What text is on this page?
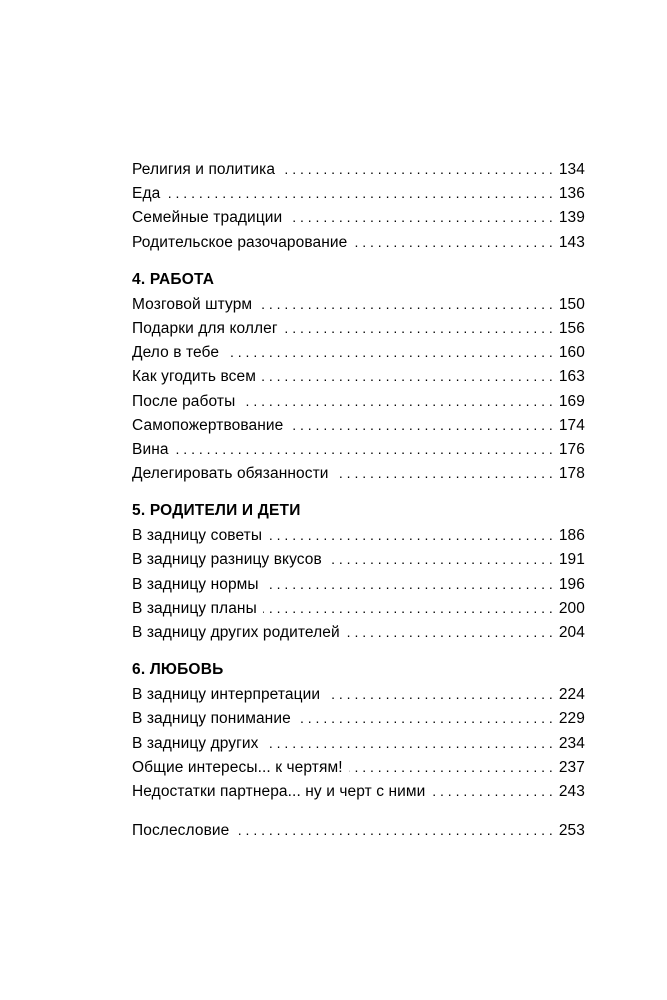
Религия и политика . . .	134
Еда . . .	136
Семейные традиции . . .	139
Родительское разочарование . . .	143
4. РАБОТА
Мозговой штурм . . .	150
Подарки для коллег . . .	156
Дело в тебе . . .	160
Как угодить всем . . .	163
После работы . . .	169
Самопожертвование . . .	174
Вина . . .	176
Делегировать обязанности . . .	178
5. РОДИТЕЛИ И ДЕТИ
В задницу советы . . .	186
В задницу разницу вкусов . . .	191
В задницу нормы . . .	196
В задницу планы . . .	200
В задницу других родителей . . .	204
6. ЛЮБОВЬ
В задницу интерпретации . . .	224
В задницу понимание . . .	229
В задницу других . . .	234
Общие интересы... к чертям! . . .	237
Недостатки партнера... ну и черт с ними . . .	243
Послесловие . . .	253
